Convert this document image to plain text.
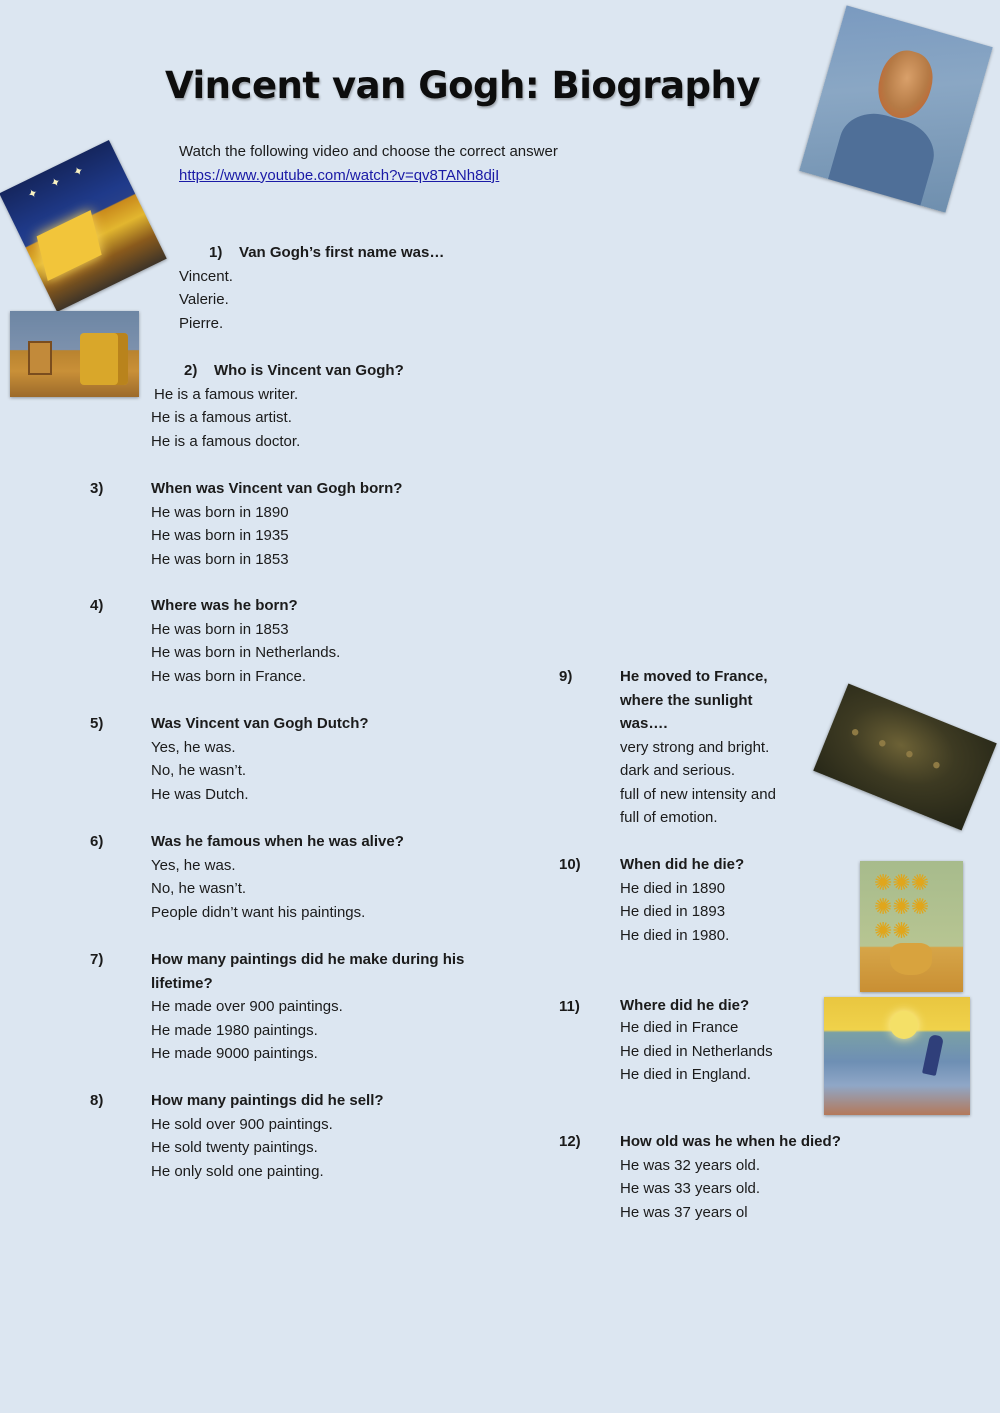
Vincent van Gogh: Biography
Watch the following video and choose the correct answer
https://www.youtube.com/watch?v=qv8TANh8djI
✦ ✦ ✦
● ● ● ●
✺✺✺ ✺✺✺ ✺✺
1) Van Gogh’s first name was…
Vincent.
Valerie.
Pierre.
2) Who is Vincent van Gogh?
He is a famous writer.
He is a famous artist.
He is a famous doctor.
3)	When was Vincent van Gogh born?
He was born in 1890
He was born in 1935
He was born in 1853
4)	Where was he born?
He was born in 1853
He was born in Netherlands.
He was born in France.
5)	Was Vincent van Gogh Dutch?
Yes, he was.
No, he wasn’t.
He was Dutch.
6)	Was he famous when he was alive?
Yes, he was.
No, he wasn’t.
People didn’t want his paintings.
7)	How many paintings did he make during his
lifetime?
He made over 900 paintings.
He made 1980 paintings.
He made 9000 paintings.
8)	How many paintings did he sell?
He sold over 900 paintings.
He sold twenty paintings.
He only sold one painting.
9)	He moved to France,
where the sunlight
was….
very strong and bright.
dark and serious.
full of new intensity and
full of emotion.
10)	When did he die?
He died in 1890
He died in 1893
He died in 1980.
11)	Where did he die?
He died in France
He died in Netherlands
He died in England.
12)	How old was he when he died?
He was 32 years old.
He was 33 years old.
He was 37 years ol
